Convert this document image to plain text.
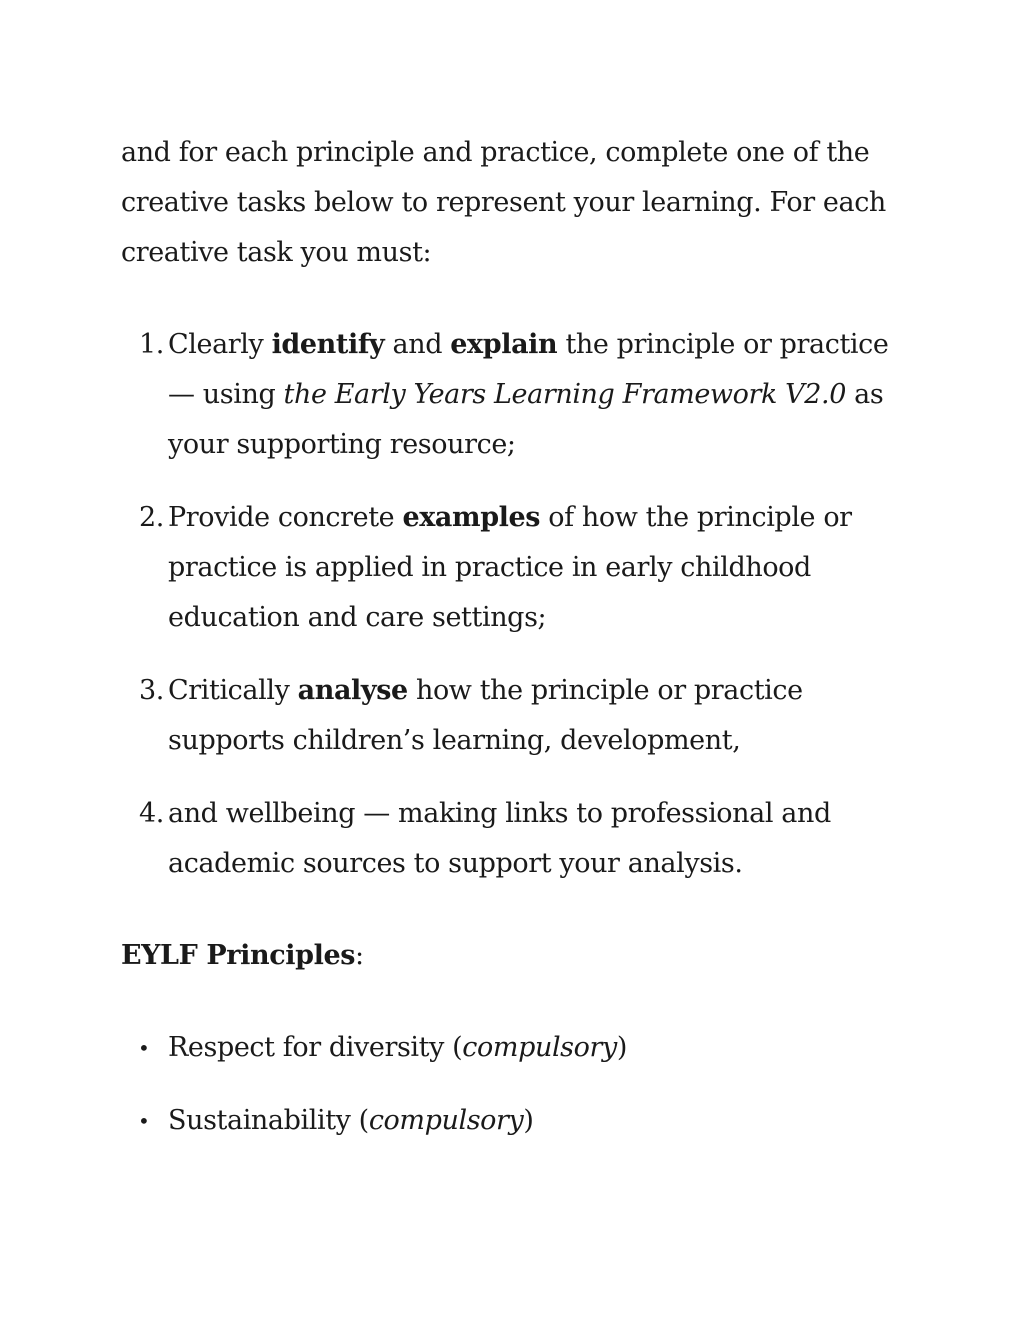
and for each principle and practice, complete one of the creative tasks below to represent your learning. For each creative task you must:

1. Clearly identify and explain the principle or practice — using the Early Years Learning Framework V2.0 as your supporting resource;
2. Provide concrete examples of how the principle or practice is applied in practice in early childhood education and care settings;
3. Critically analyse how the principle or practice supports children’s learning, development,
4. and wellbeing — making links to professional and academic sources to support your analysis.

EYLF Principles:

• Respect for diversity (compulsory)
• Sustainability (compulsory)
